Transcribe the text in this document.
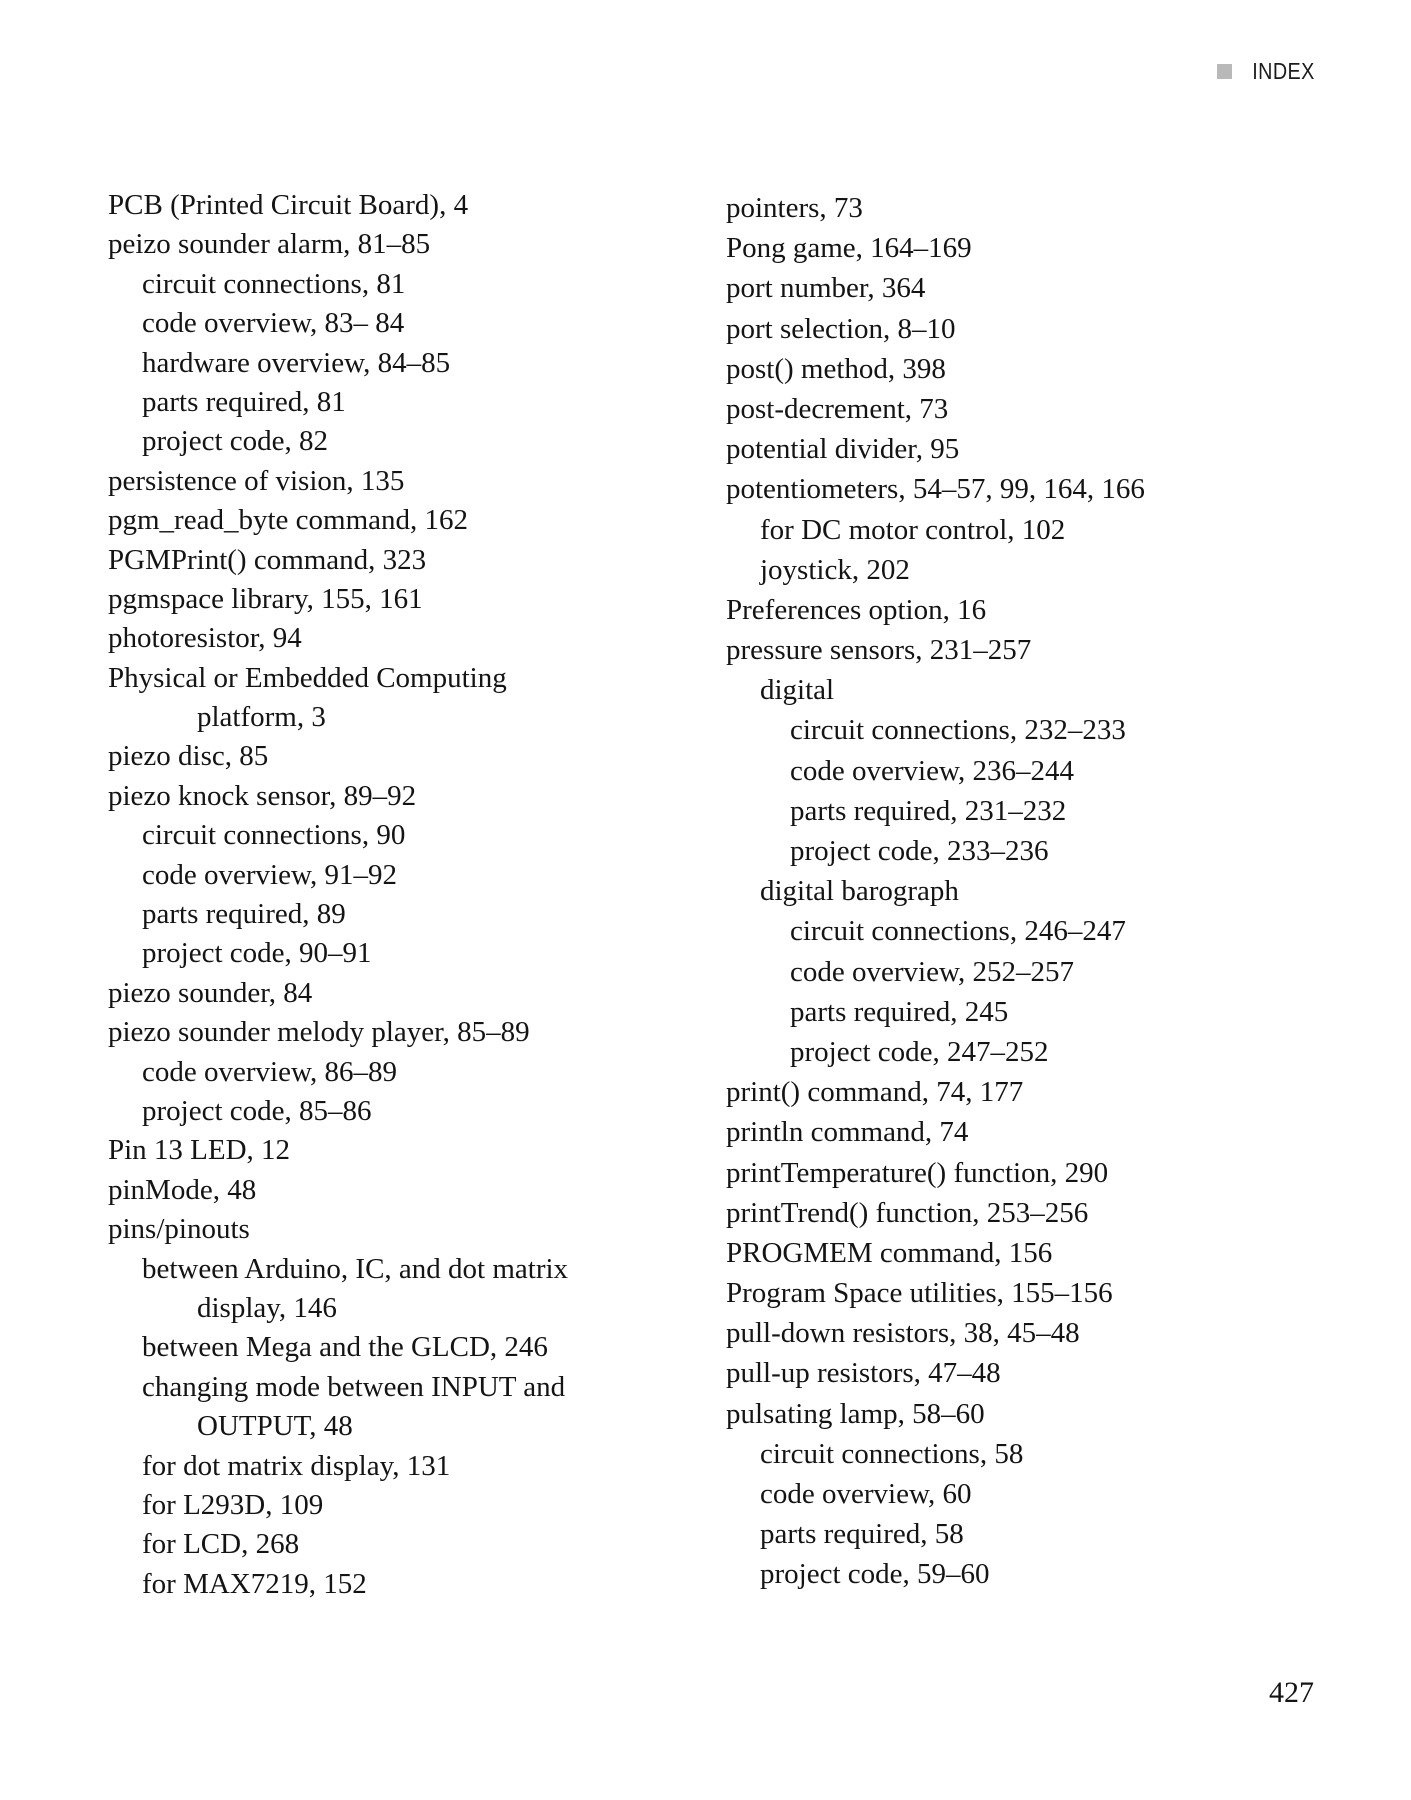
INDEX
PCB (Printed Circuit Board), 4
peizo sounder alarm, 81–85
circuit connections, 81
code overview, 83– 84
hardware overview, 84–85
parts required, 81
project code, 82
persistence of vision, 135
pgm_read_byte command, 162
PGMPrint() command, 323
pgmspace library, 155, 161
photoresistor, 94
Physical or Embedded Computing
platform, 3
piezo disc, 85
piezo knock sensor, 89–92
circuit connections, 90
code overview, 91–92
parts required, 89
project code, 90–91
piezo sounder, 84
piezo sounder melody player, 85–89
code overview, 86–89
project code, 85–86
Pin 13 LED, 12
pinMode, 48
pins/pinouts
between Arduino, IC, and dot matrix
display, 146
between Mega and the GLCD, 246
changing mode between INPUT and
OUTPUT, 48
for dot matrix display, 131
for L293D, 109
for LCD, 268
for MAX7219, 152
pointers, 73
Pong game, 164–169
port number, 364
port selection, 8–10
post() method, 398
post-decrement, 73
potential divider, 95
potentiometers, 54–57, 99, 164, 166
for DC motor control, 102
joystick, 202
Preferences option, 16
pressure sensors, 231–257
digital
circuit connections, 232–233
code overview, 236–244
parts required, 231–232
project code, 233–236
digital barograph
circuit connections, 246–247
code overview, 252–257
parts required, 245
project code, 247–252
print() command, 74, 177
println command, 74
printTemperature() function, 290
printTrend() function, 253–256
PROGMEM command, 156
Program Space utilities, 155–156
pull-down resistors, 38, 45–48
pull-up resistors, 47–48
pulsating lamp, 58–60
circuit connections, 58
code overview, 60
parts required, 58
project code, 59–60
427
